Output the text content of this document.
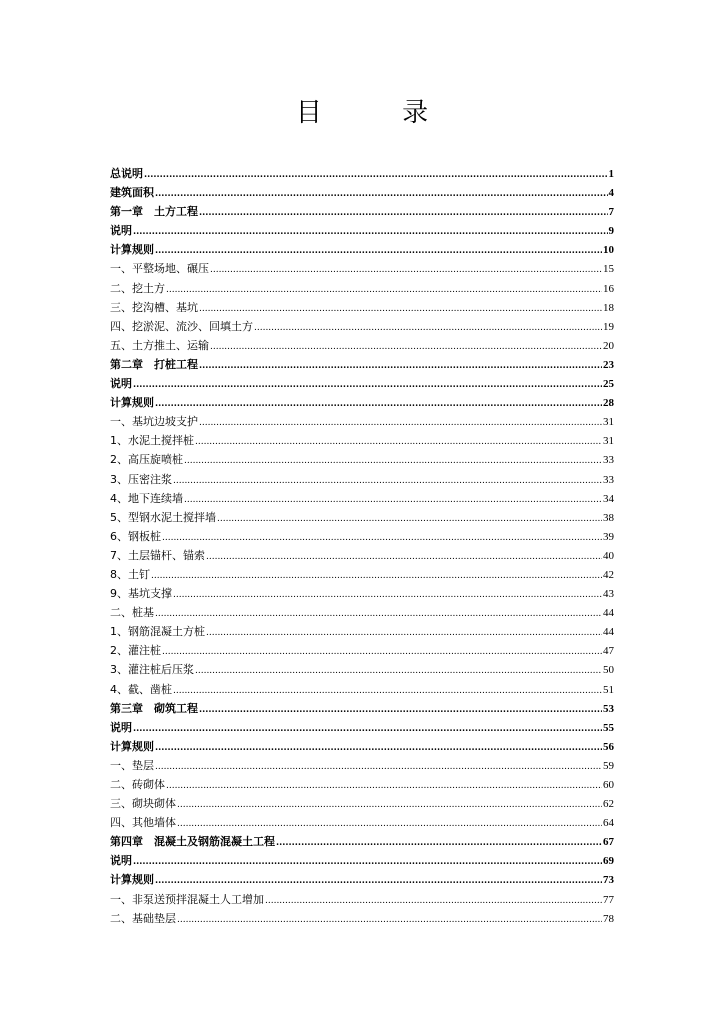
目 录
总说明 .....	1
建筑面积 .....	4
第一章　土方工程 .....	7
说明 .....	9
计算规则 .....	10
一、平整场地、碾压 .....	15
二、挖土方 .....	16
三、挖沟槽、基坑 .....	18
四、挖淤泥、流沙、回填土方 .....	19
五、土方推土、运输 .....	20
第二章　打桩工程 .....	23
说明 .....	25
计算规则 .....	28
一、基坑边坡支护 .....	31
1、水泥土搅拌桩 .....	31
2、高压旋喷桩 .....	33
3、压密注浆 .....	33
4、地下连续墙 .....	34
5、型钢水泥土搅拌墙 .....	38
6、钢板桩 .....	39
7、土层锚杆、锚索 .....	40
8、土钉 .....	42
9、基坑支撑 .....	43
二、桩基 .....	44
1、钢筋混凝土方桩 .....	44
2、灌注桩 .....	47
3、灌注桩后压浆 .....	50
4、截、凿桩 .....	51
第三章　砌筑工程 .....	53
说明 .....	55
计算规则 .....	56
一、垫层 .....	59
二、砖砌体 .....	60
三、砌块砌体 .....	62
四、其他墙体 .....	64
第四章　混凝土及钢筋混凝土工程 .....	67
说明 .....	69
计算规则 .....	73
一、非泵送预拌混凝土人工增加 .....	77
二、基础垫层 .....	78
